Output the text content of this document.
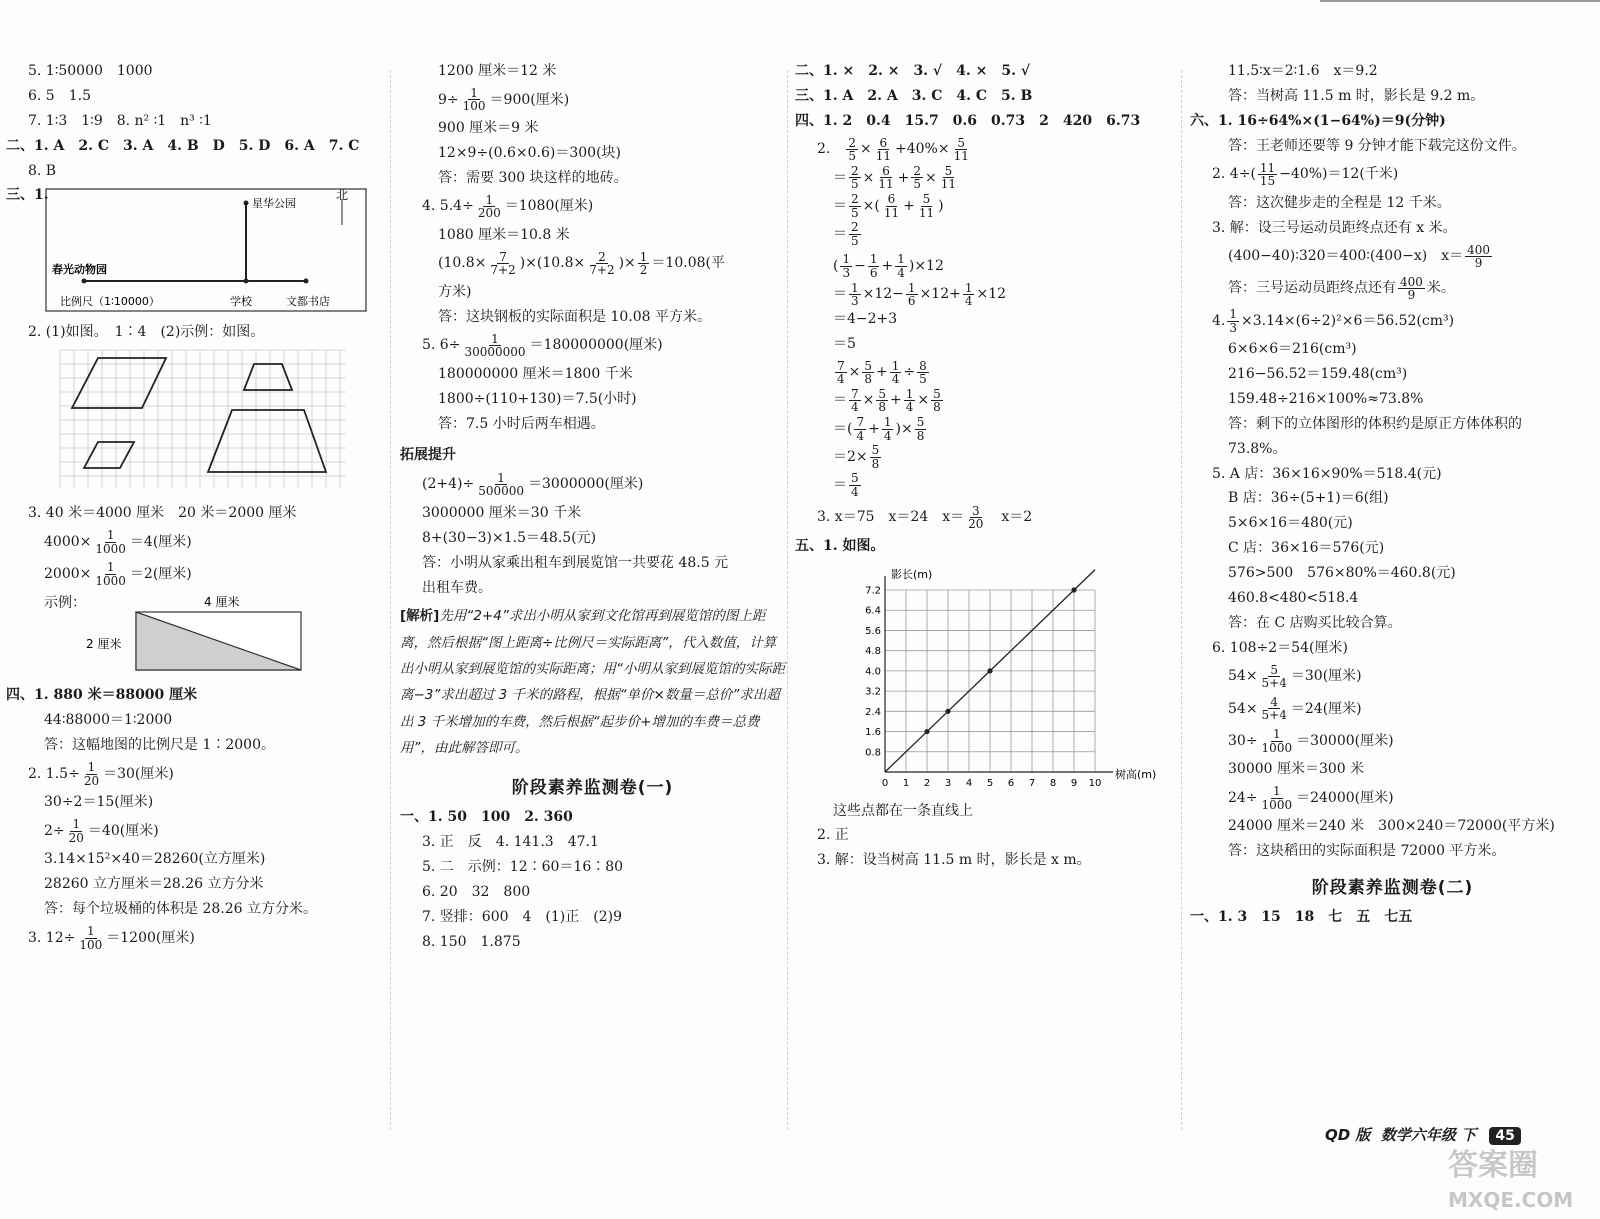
5. 1∶50000　1000
6. 5　1.5
7. 1∶3　1∶9　8. n² ∶1　n³ ∶1
二、1. A　2. C　3. A　4. B　D　5. D　6. A　7. C
8. B
三、1.	北
星华公园
春光动物园
比例尺（1∶10000）	学校	文都书店
2. (1)如图。　1∶4　(2)示例：如图。
3. 40 米＝4000 厘米　20 米＝2000 厘米
$4000\times \frac{1}{1000} =4$(厘米)
$2000\times \frac{1}{1000} =2$(厘米)
示例：	4 厘米
2 厘米
四、1. 880 米＝88000 厘米
44∶88000＝1∶2000
答：这幅地图的比例尺是 1∶2000。
2. $1.5\div \frac{1}{20} =30$(厘米)
30÷2＝15(厘米)
$2\div \frac{1}{20} =40$(厘米)
3.14×15²×40＝28260(立方厘米)
28260 立方厘米＝28.26 立方分米
答：每个垃圾桶的体积是 28.26 立方分米。
3. $12\div \frac{1}{100} =1200$(厘米)
1200 厘米＝12 米
$9\div \frac{1}{100} =900$(厘米)
900 厘米＝9 米
12×9÷(0.6×0.6)＝300(块)
答：需要 300 块这样的地砖。
4. $5.4\div \frac{1}{200} =1080$(厘米)
1080 厘米＝10.8 米
$(10.8\times \frac{7}{7+2} )\times(10.8\times \frac{2}{7+2}$ )× $\frac{1}{2} =10.08$(平
方米)
答：这块钢板的实际面积是 10.08 平方米。
5. $6\div \frac{1}{30000000} =180000000$(厘米)
180000000 厘米＝1800 千米
1800÷(110+130)＝7.5(小时)
答：7.5 小时后两车相遇。
拓展提升
$(2+4)\div \frac{1}{500000} =3000000$(厘米)
3000000 厘米＝30 千米
8+(30−3)×1.5＝48.5(元)
答：小明从家乘出租车到展览馆一共要花 48.5 元
出租车费。
[解析]先用“2+4”求出小明从家到文化馆再到展览馆的图上距离，然后根据“图上距离÷比例尺＝实际距离”，代入数值，计算出小明从家到展览馆的实际距离；用“小明从家到展览馆的实际距离−3”求出超过 3 千米的路程，根据“单价×数量＝总价”求出超出 3 千米增加的车费，然后根据“起步价+增加的车费＝总费用”，由此解答即可。
阶段素养监测卷(一)
一、1. 50　100　2. 360
3. 正　反　4. 141.3　47.1
5. 二　示例：12∶60＝16∶80
6. 20　32　800
7. 竖排：600　4　(1)正　(2)9
8. 150　1.875
二、1. ×　2. ×　3. √　4. ×　5. √
三、1. A　2. A　3. C　4. C　5. B
四、1. 2　0.4　15.7　0.6　0.73　2　420　6.73
2. $\frac{2}{5} \times \frac{6}{11} +40\%\times \frac{5}{11}$
＝ $\frac{2}{5} \times \frac{6}{11} + \frac{2}{5} \times \frac{5}{11}$
＝ $\frac{2}{5}$ ×( $\frac{6}{11} + \frac{5}{11}$ )
＝ $\frac{2}{5}$
( $\frac{1}{3} - \frac{1}{6} + \frac{1}{4} )\times 12$
＝ $\frac{1}{3} \times 12- \frac{1}{6} \times 12+ \frac{1}{4} \times 12$
＝4−2+3
＝5
$\frac{7}{4} \times \frac{5}{8} + \frac{1}{4} \div \frac{8}{5}$
＝ $\frac{7}{4} \times \frac{5}{8} + \frac{1}{4} \times \frac{5}{8}$
＝( $\frac{7}{4} + \frac{1}{4}$ )× $\frac{5}{8}$
$=2\times \frac{5}{8}$
＝ $\frac{5}{4}$
3. x＝75　x＝24　$x= \frac{3}{20}$ 　x＝2
五、1. 如图。
0 1 2 3 4 5 6 7 8 9 10
0.8
1.6
2.4
3.2
4.0
4.8
5.6
6.4
7.2
树高(m)
影长(m)
这些点都在一条直线上
2. 正
3. 解：设当树高 11.5 m 时，影长是 x m。
11.5∶x＝2∶1.6　x＝9.2
答：当树高 11.5 m 时，影长是 9.2 m。
六、1. 16÷64%×(1−64%)＝9(分钟)
答：王老师还要等 9 分钟才能下载完这份文件。
2. $4\div( \frac{11}{15} -40\%)=12$(千米)
答：这次健步走的全程是 12 千米。
3. 解：设三号运动员距终点还有 x 米。
(400−40)∶320＝400∶(400−x)　$x= \frac{400}{9}$
答：三号运动员距终点还有 $\frac{400}{9}$ 米。
4. $\frac{1}{3} \times 3.14\times(6\div 2)^2\times 6=56.52(cm^3)$
6×6×6＝216(cm³)
216−56.52＝159.48(cm³)
159.48÷216×100%≈73.8%
答：剩下的立体图形的体积约是原正方体体积的
73.8%。
5. A 店：36×16×90%＝518.4(元)
B 店：36÷(5+1)＝6(组)
5×6×16＝480(元)
C 店：36×16＝576(元)
576>500　576×80%＝460.8(元)
460.8<480<518.4
答：在 C 店购买比较合算。
6. 108÷2＝54(厘米)
$54\times \frac{5}{5+4} =30$(厘米)
$54\times \frac{4}{5+4} =24$(厘米)
$30\div \frac{1}{1000} =30000$(厘米)
30000 厘米＝300 米
$24\div \frac{1}{1000} =24000$(厘米)
24000 厘米＝240 米　300×240＝72000(平方米)
答：这块稻田的实际面积是 72000 平方米。
阶段素养监测卷(二)
一、1. 3　15　18　七　五　七五
QD 版 数学六年级 下 45
答案圈
MXQE.COM
